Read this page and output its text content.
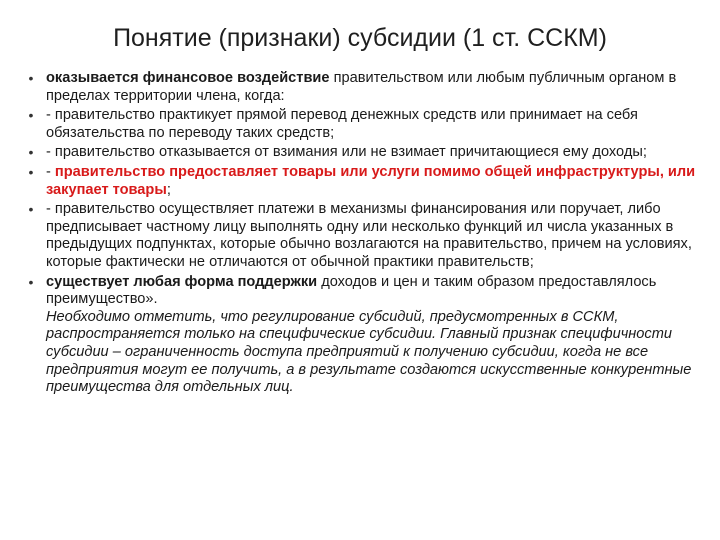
Понятие (признаки) субсидии (1 ст. ССКМ)
• оказывается финансовое воздействие правительством или любым публичным органом в пределах территории члена, когда:
• - правительство практикует прямой перевод денежных средств или принимает на себя обязательства по переводу таких средств;
• - правительство отказывается от взимания или не взимает причитающиеся ему доходы;
• - правительство предоставляет товары или услуги помимо общей инфраструктуры, или закупает товары;
• - правительство осуществляет платежи в механизмы финансирования или поручает, либо предписывает частному лицу выполнять одну или несколько функций ил числа указанных в предыдущих подпунктах, которые обычно возлагаются на правительство, причем на условиях, которые фактически не отличаются от обычной практики правительств;
• существует любая форма поддержки доходов и цен и таким образом предоставлялось преимущество».
Необходимо отметить, что регулирование субсидий, предусмотренных в ССКМ, распространяется только на специфические субсидии. Главный признак специфичности субсидии – ограниченность доступа предприятий к получению субсидии, когда не все предприятия могут ее получить, а в результате создаются искусственные конкурентные преимущества для отдельных лиц.
